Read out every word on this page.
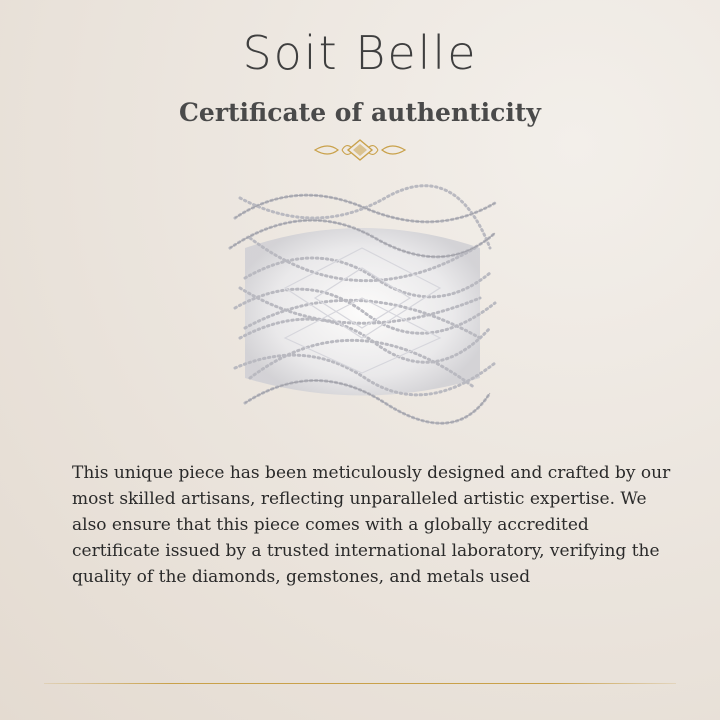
Soit Belle
Certificate of authenticity

This unique piece has been meticulously designed and crafted by our most skilled artisans, reflecting unparalleled artistic expertise. We also ensure that this piece comes with a globally accredited certificate issued by a trusted international laboratory, verifying the quality of the diamonds, gemstones, and metals used
